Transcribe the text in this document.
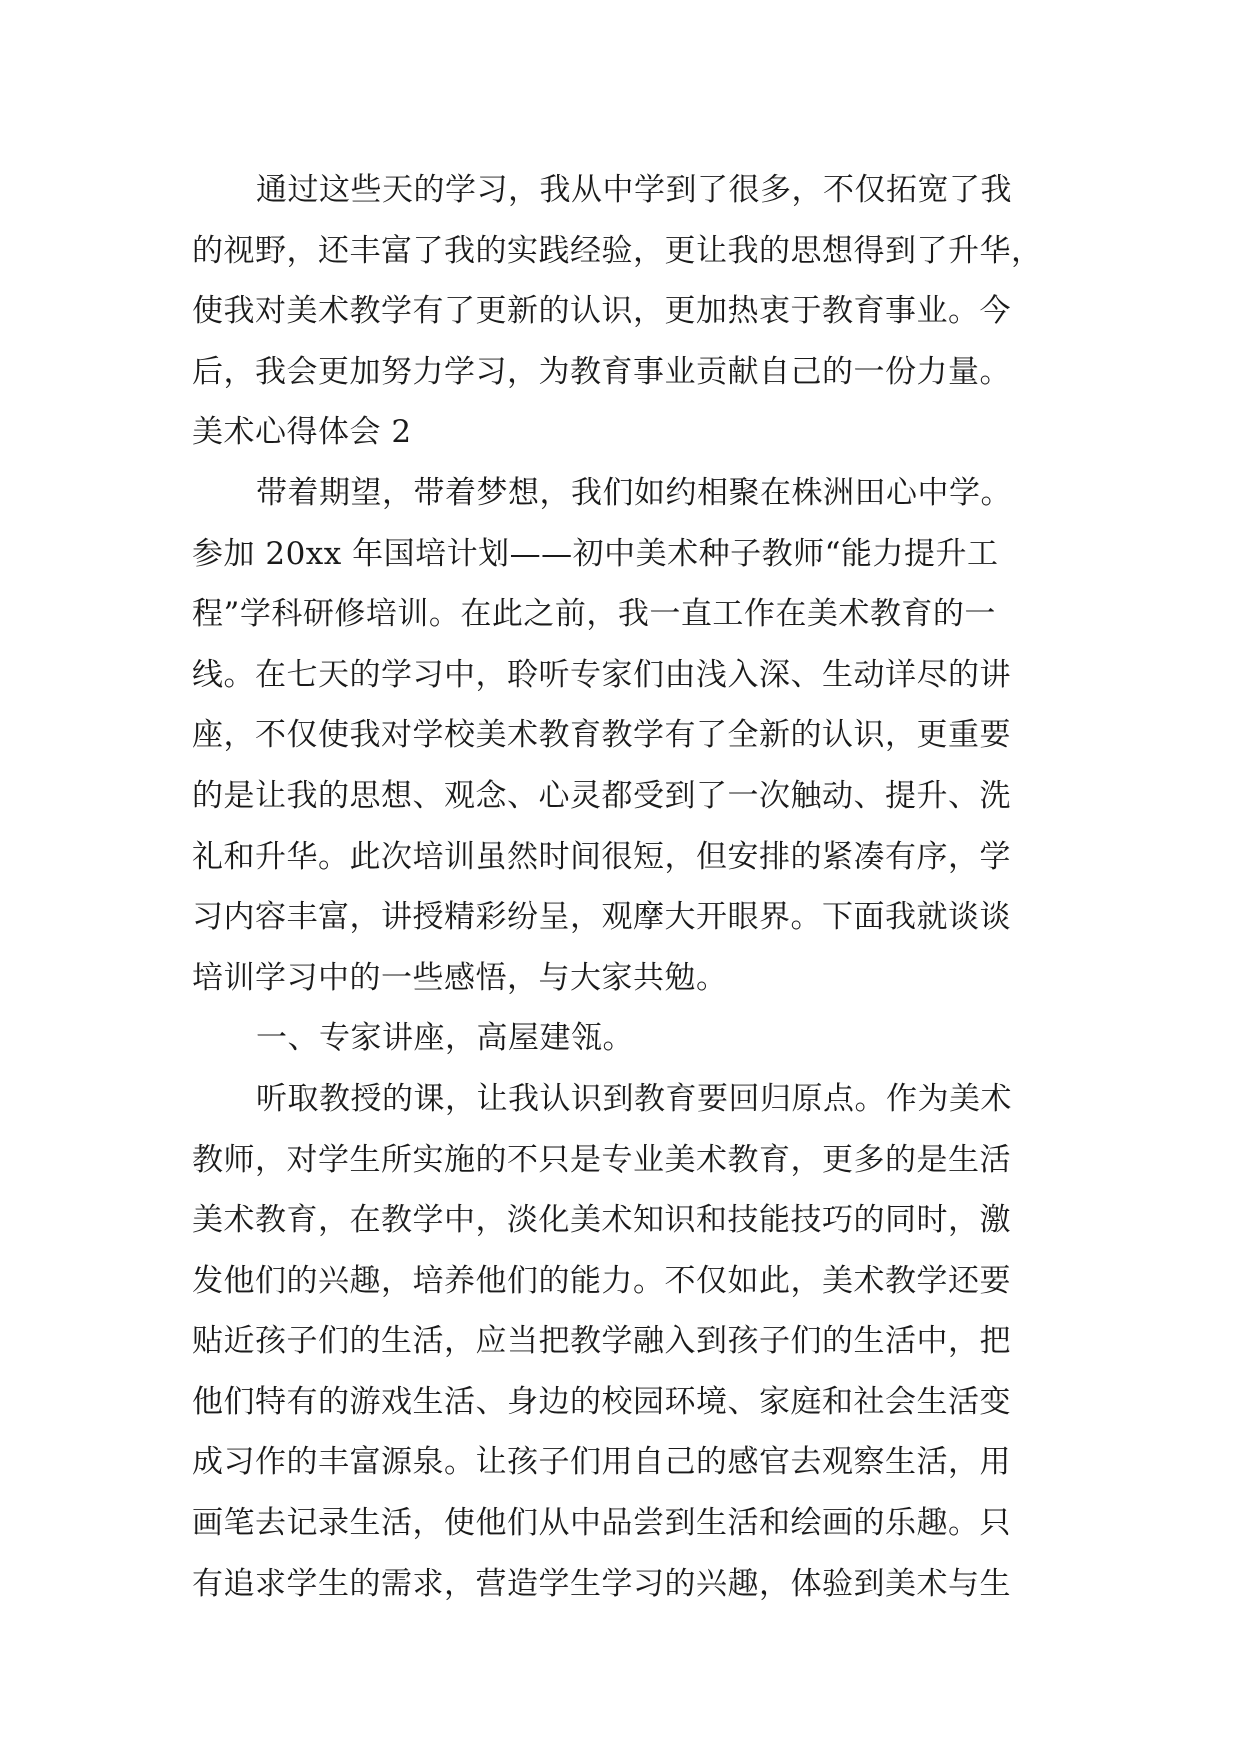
通过这些天的学习，我从中学到了很多，不仅拓宽了我
的视野，还丰富了我的实践经验，更让我的思想得到了升华，
使我对美术教学有了更新的认识，更加热衷于教育事业。今
后，我会更加努力学习，为教育事业贡献自己的一份力量。
美术心得体会 2
带着期望，带着梦想，我们如约相聚在株洲田心中学。
参加 20xx 年国培计划——初中美术种子教师“能力提升工
程”学科研修培训。在此之前，我一直工作在美术教育的一
线。在七天的学习中，聆听专家们由浅入深、生动详尽的讲
座，不仅使我对学校美术教育教学有了全新的认识，更重要
的是让我的思想、观念、心灵都受到了一次触动、提升、洗
礼和升华。此次培训虽然时间很短，但安排的紧凑有序，学
习内容丰富，讲授精彩纷呈，观摩大开眼界。下面我就谈谈
培训学习中的一些感悟，与大家共勉。
一、专家讲座，高屋建瓴。
听取教授的课，让我认识到教育要回归原点。作为美术
教师，对学生所实施的不只是专业美术教育，更多的是生活
美术教育，在教学中，淡化美术知识和技能技巧的同时，激
发他们的兴趣，培养他们的能力。不仅如此，美术教学还要
贴近孩子们的生活，应当把教学融入到孩子们的生活中，把
他们特有的游戏生活、身边的校园环境、家庭和社会生活变
成习作的丰富源泉。让孩子们用自己的感官去观察生活，用
画笔去记录生活，使他们从中品尝到生活和绘画的乐趣。只
有追求学生的需求，营造学生学习的兴趣，体验到美术与生
